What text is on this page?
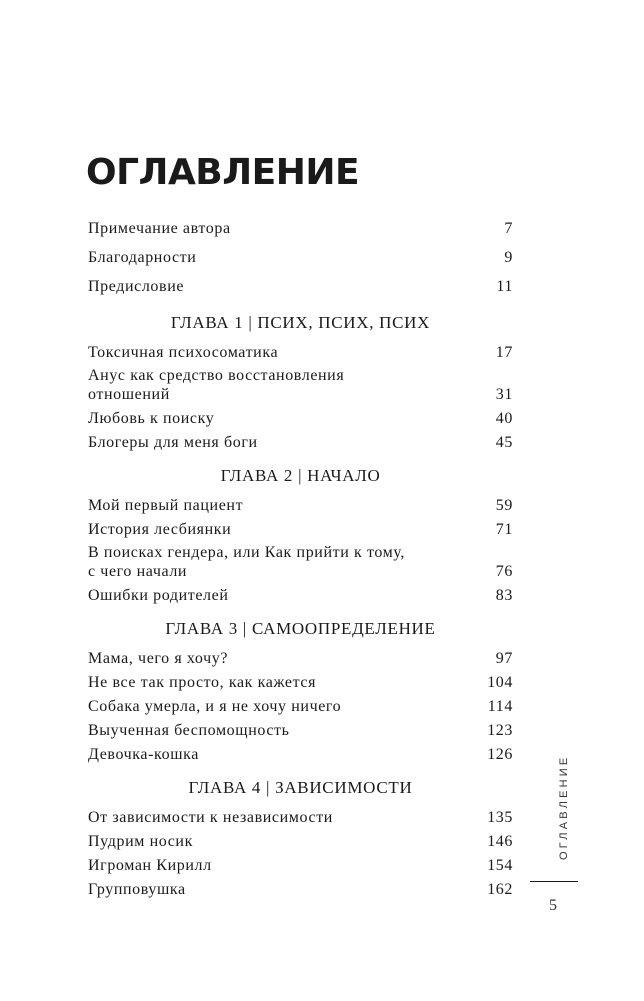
ОГЛАВЛЕНИЕ
Примечание автора	7
Благодарности	9
Предисловие	11
ГЛАВА 1 | ПСИХ, ПСИХ, ПСИХ
Токсичная психосоматика	17
Анус как средство восстановления
отношений	31
Любовь к поиску	40
Блогеры для меня боги	45
ГЛАВА 2 | НАЧАЛО
Мой первый пациент	59
История лесбиянки	71
В поисках гендера, или Как прийти к тому,
с чего начали	76
Ошибки родителей	83
ГЛАВА 3 | САМООПРЕДЕЛЕНИЕ
Мама, чего я хочу?	97
Не все так просто, как кажется	104
Собака умерла, и я не хочу ничего	114
Выученная беспомощность	123
Девочка-кошка	126
ГЛАВА 4 | ЗАВИСИМОСТИ
От зависимости к независимости	135
Пудрим носик	146
Игроман Кирилл	154
Групповушка	162
ОГЛАВЛЕНИЕ
5
